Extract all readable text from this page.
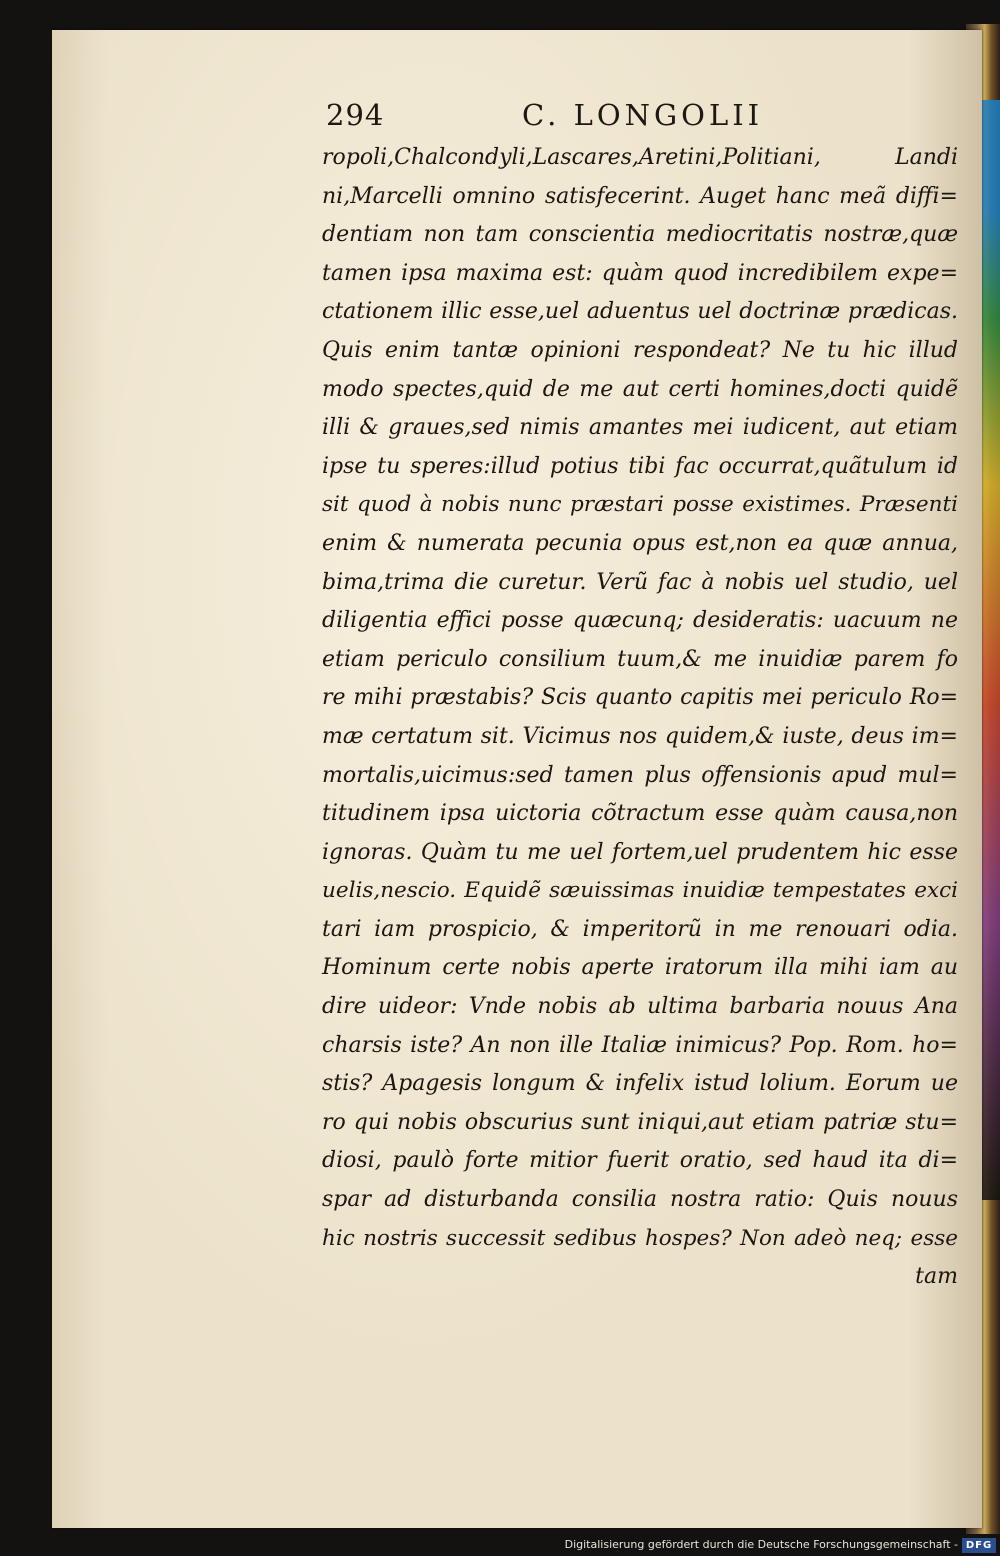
294	C. LONGOLII
ropoli,Chalcondyli,Lascares,Aretini,Politiani, Landi
ni,Marcelli omnino satisfecerint. Auget hanc meã diffi=
dentiam non tam conscientia mediocritatis nostræ,quæ
tamen ipsa maxima est: quàm quod incredibilem expe=
ctationem illic esse,uel aduentus uel doctrinæ prædicas.
Quis enim tantæ opinioni respondeat? Ne tu hic illud
modo spectes,quid de me aut certi homines,docti quidẽ
illi & graues,sed nimis amantes mei iudicent, aut etiam
ipse tu speres:illud potius tibi fac occurrat,quãtulum id
sit quod à nobis nunc præstari posse existimes. Præsenti
enim & numerata pecunia opus est,non ea quæ annua,
bima,trima die curetur. Verũ fac à nobis uel studio, uel
diligentia effici posse quæcunq; desideratis: uacuum ne
etiam periculo consilium tuum,& me inuidiæ parem fo
re mihi præstabis? Scis quanto capitis mei periculo Ro=
mæ certatum sit. Vicimus nos quidem,& iuste, deus im=
mortalis,uicimus:sed tamen plus offensionis apud mul=
titudinem ipsa uictoria cõtractum esse quàm causa,non
ignoras. Quàm tu me uel fortem,uel prudentem hic esse
uelis,nescio. Equidẽ sæuissimas inuidiæ tempestates exci
tari iam prospicio, & imperitorũ in me renouari odia.
Hominum certe nobis aperte iratorum illa mihi iam au
dire uideor: Vnde nobis ab ultima barbaria nouus Ana
charsis iste? An non ille Italiæ inimicus? Pop. Rom. ho=
stis? Apagesis longum & infelix istud lolium. Eorum ue
ro qui nobis obscurius sunt iniqui,aut etiam patriæ stu=
diosi, paulò forte mitior fuerit oratio, sed haud ita di=
spar ad disturbanda consilia nostra ratio: Quis nouus
hic nostris successit sedibus hospes? Non adeò neq; esse
tam
Digitalisierung gefördert durch die Deutsche Forschungsgemeinschaft - DFG
